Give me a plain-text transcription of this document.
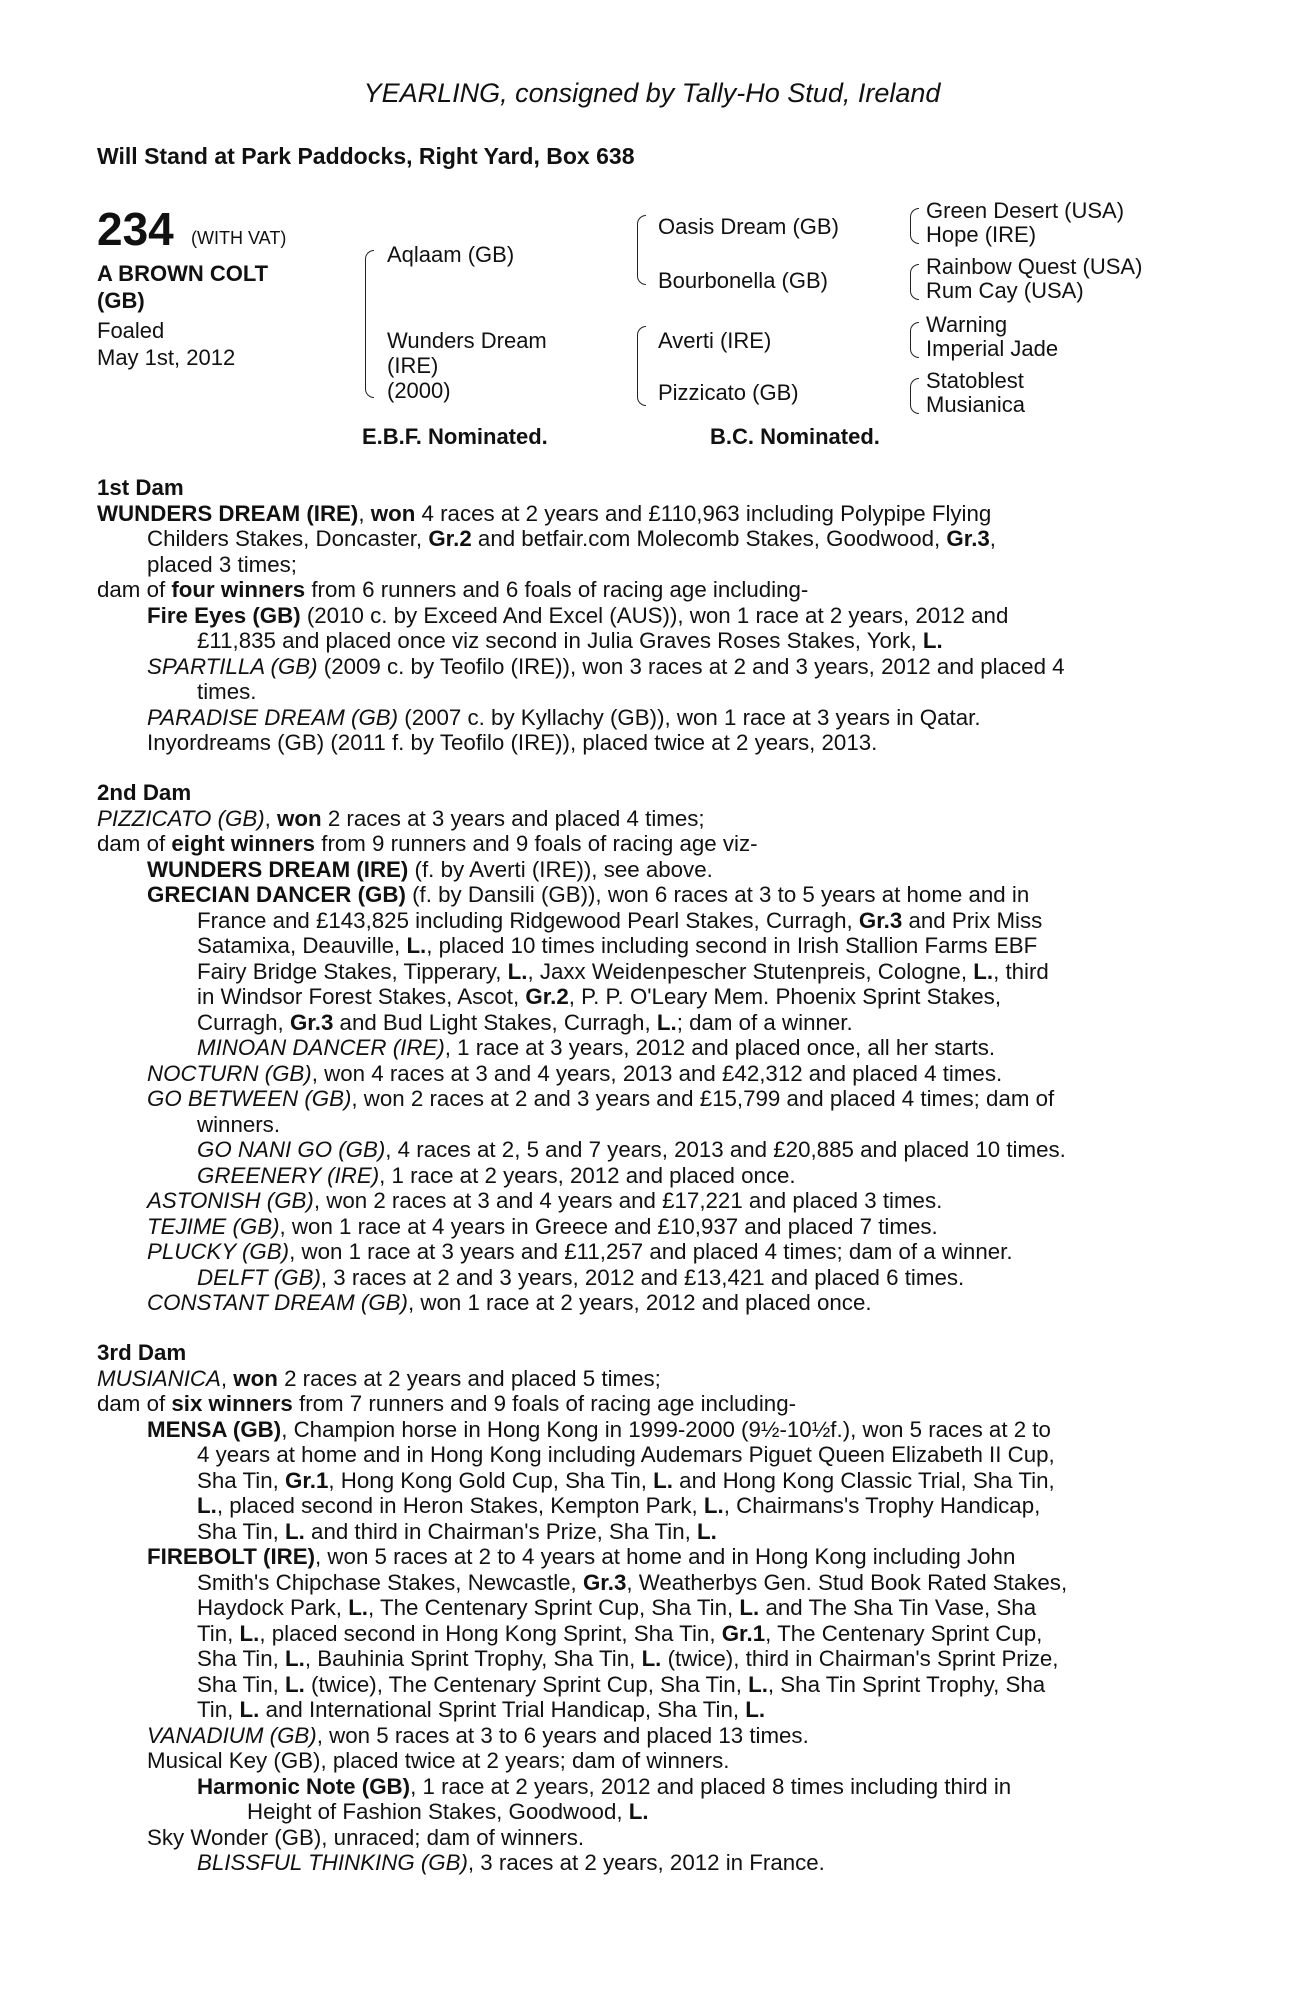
YEARLING, consigned by Tally-Ho Stud, Ireland
Will Stand at Park Paddocks, Right Yard, Box 638
234 (WITH VAT)
A BROWN COLT
(GB)
Foaled
May 1st, 2012
Aqlaam (GB)
Wunders Dream
(IRE)
(2000)
Oasis Dream (GB)
Bourbonella (GB)
Averti (IRE)
Pizzicato (GB)
Green Desert (USA)
Hope (IRE)
Rainbow Quest (USA)
Rum Cay (USA)
Warning
Imperial Jade
Statoblest
Musianica
E.B.F. Nominated.	B.C. Nominated.

1st Dam

WUNDERS DREAM (IRE), won 4 races at 2 years and £110,963 including Polypipe Flying

Childers Stakes, Doncaster, Gr.2 and betfair.com Molecomb Stakes, Goodwood, Gr.3,

placed 3 times;

dam of four winners from 6 runners and 6 foals of racing age including-

Fire Eyes (GB) (2010 c. by Exceed And Excel (AUS)), won 1 race at 2 years, 2012 and

£11,835 and placed once viz second in Julia Graves Roses Stakes, York, L.

SPARTILLA (GB) (2009 c. by Teofilo (IRE)), won 3 races at 2 and 3 years, 2012 and placed 4

times.

PARADISE DREAM (GB) (2007 c. by Kyllachy (GB)), won 1 race at 3 years in Qatar.

Inyordreams (GB) (2011 f. by Teofilo (IRE)), placed twice at 2 years, 2013.

2nd Dam

PIZZICATO (GB), won 2 races at 3 years and placed 4 times;

dam of eight winners from 9 runners and 9 foals of racing age viz-

WUNDERS DREAM (IRE) (f. by Averti (IRE)), see above.

GRECIAN DANCER (GB) (f. by Dansili (GB)), won 6 races at 3 to 5 years at home and in

France and £143,825 including Ridgewood Pearl Stakes, Curragh, Gr.3 and Prix Miss

Satamixa, Deauville, L., placed 10 times including second in Irish Stallion Farms EBF

Fairy Bridge Stakes, Tipperary, L., Jaxx Weidenpescher Stutenpreis, Cologne, L., third

in Windsor Forest Stakes, Ascot, Gr.2, P. P. O'Leary Mem. Phoenix Sprint Stakes,

Curragh, Gr.3 and Bud Light Stakes, Curragh, L.; dam of a winner.

MINOAN DANCER (IRE), 1 race at 3 years, 2012 and placed once, all her starts.

NOCTURN (GB), won 4 races at 3 and 4 years, 2013 and £42,312 and placed 4 times.

GO BETWEEN (GB), won 2 races at 2 and 3 years and £15,799 and placed 4 times; dam of

winners.

GO NANI GO (GB), 4 races at 2, 5 and 7 years, 2013 and £20,885 and placed 10 times.

GREENERY (IRE), 1 race at 2 years, 2012 and placed once.

ASTONISH (GB), won 2 races at 3 and 4 years and £17,221 and placed 3 times.

TEJIME (GB), won 1 race at 4 years in Greece and £10,937 and placed 7 times.

PLUCKY (GB), won 1 race at 3 years and £11,257 and placed 4 times; dam of a winner.

DELFT (GB), 3 races at 2 and 3 years, 2012 and £13,421 and placed 6 times.

CONSTANT DREAM (GB), won 1 race at 2 years, 2012 and placed once.

3rd Dam

MUSIANICA, won 2 races at 2 years and placed 5 times;

dam of six winners from 7 runners and 9 foals of racing age including-

MENSA (GB), Champion horse in Hong Kong in 1999-2000 (9½-10½f.), won 5 races at 2 to

4 years at home and in Hong Kong including Audemars Piguet Queen Elizabeth II Cup,

Sha Tin, Gr.1, Hong Kong Gold Cup, Sha Tin, L. and Hong Kong Classic Trial, Sha Tin,

L., placed second in Heron Stakes, Kempton Park, L., Chairmans's Trophy Handicap,

Sha Tin, L. and third in Chairman's Prize, Sha Tin, L.

FIREBOLT (IRE), won 5 races at 2 to 4 years at home and in Hong Kong including John

Smith's Chipchase Stakes, Newcastle, Gr.3, Weatherbys Gen. Stud Book Rated Stakes,

Haydock Park, L., The Centenary Sprint Cup, Sha Tin, L. and The Sha Tin Vase, Sha

Tin, L., placed second in Hong Kong Sprint, Sha Tin, Gr.1, The Centenary Sprint Cup,

Sha Tin, L., Bauhinia Sprint Trophy, Sha Tin, L. (twice), third in Chairman's Sprint Prize,

Sha Tin, L. (twice), The Centenary Sprint Cup, Sha Tin, L., Sha Tin Sprint Trophy, Sha

Tin, L. and International Sprint Trial Handicap, Sha Tin, L.

VANADIUM (GB), won 5 races at 3 to 6 years and placed 13 times.

Musical Key (GB), placed twice at 2 years; dam of winners.

Harmonic Note (GB), 1 race at 2 years, 2012 and placed 8 times including third in

Height of Fashion Stakes, Goodwood, L.

Sky Wonder (GB), unraced; dam of winners.

BLISSFUL THINKING (GB), 3 races at 2 years, 2012 in France.
